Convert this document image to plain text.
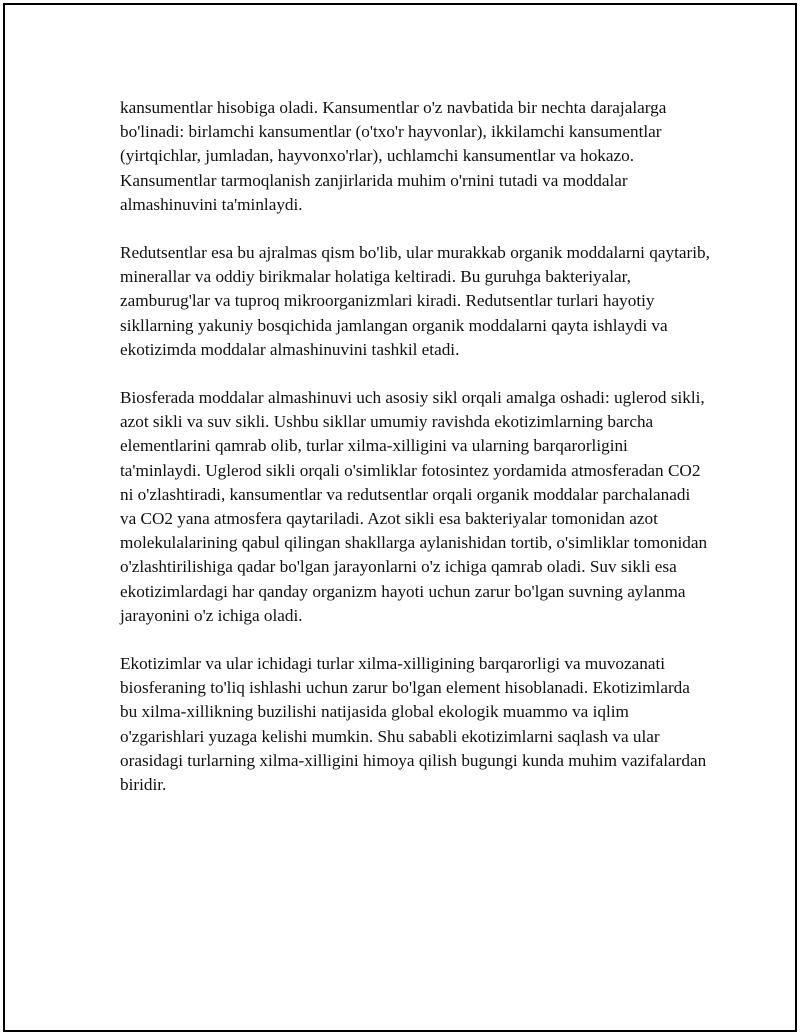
kansumentlar hisobiga oladi. Kansumentlar o'z navbatida bir nechta darajalarga bo'linadi: birlamchi kansumentlar (o'txo'r hayvonlar), ikkilamchi kansumentlar (yirtqichlar, jumladan, hayvonxo'rlar), uchlamchi kansumentlar va hokazo. Kansumentlar tarmoqlanish zanjirlarida muhim o'rnini tutadi va moddalar almashinuvini ta'minlaydi.

Redutsentlar esa bu ajralmas qism bo'lib, ular murakkab organik moddalarni qaytarib, minerallar va oddiy birikmalar holatiga keltiradi. Bu guruhga bakteriyalar, zamburug'lar va tuproq mikroorganizmlari kiradi. Redutsentlar turlari hayotiy sikllarning yakuniy bosqichida jamlangan organik moddalarni qayta ishlaydi va ekotizimda moddalar almashinuvini tashkil etadi.

Biosferada moddalar almashinuvi uch asosiy sikl orqali amalga oshadi: uglerod sikli, azot sikli va suv sikli. Ushbu sikllar umumiy ravishda ekotizimlarning barcha elementlarini qamrab olib, turlar xilma-xilligini va ularning barqarorligini ta'minlaydi. Uglerod sikli orqali o'simliklar fotosintez yordamida atmosferadan CO2 ni o'zlashtiradi, kansumentlar va redutsentlar orqali organik moddalar parchalanadi va CO2 yana atmosfera qaytariladi. Azot sikli esa bakteriyalar tomonidan azot molekulalarining qabul qilingan shakllarga aylanishidan tortib, o'simliklar tomonidan o'zlashtirilishiga qadar bo'lgan jarayonlarni o'z ichiga qamrab oladi. Suv sikli esa ekotizimlardagi har qanday organizm hayoti uchun zarur bo'lgan suvning aylanma jarayonini o'z ichiga oladi.

Ekotizimlar va ular ichidagi turlar xilma-xilligining barqarorligi va muvozanati biosferaning to'liq ishlashi uchun zarur bo'lgan element hisoblanadi. Ekotizimlarda bu xilma-xillikning buzilishi natijasida global ekologik muammo va iqlim o'zgarishlari yuzaga kelishi mumkin. Shu sababli ekotizimlarni saqlash va ular orasidagi turlarning xilma-xilligini himoya qilish bugungi kunda muhim vazifalardan biridir.
